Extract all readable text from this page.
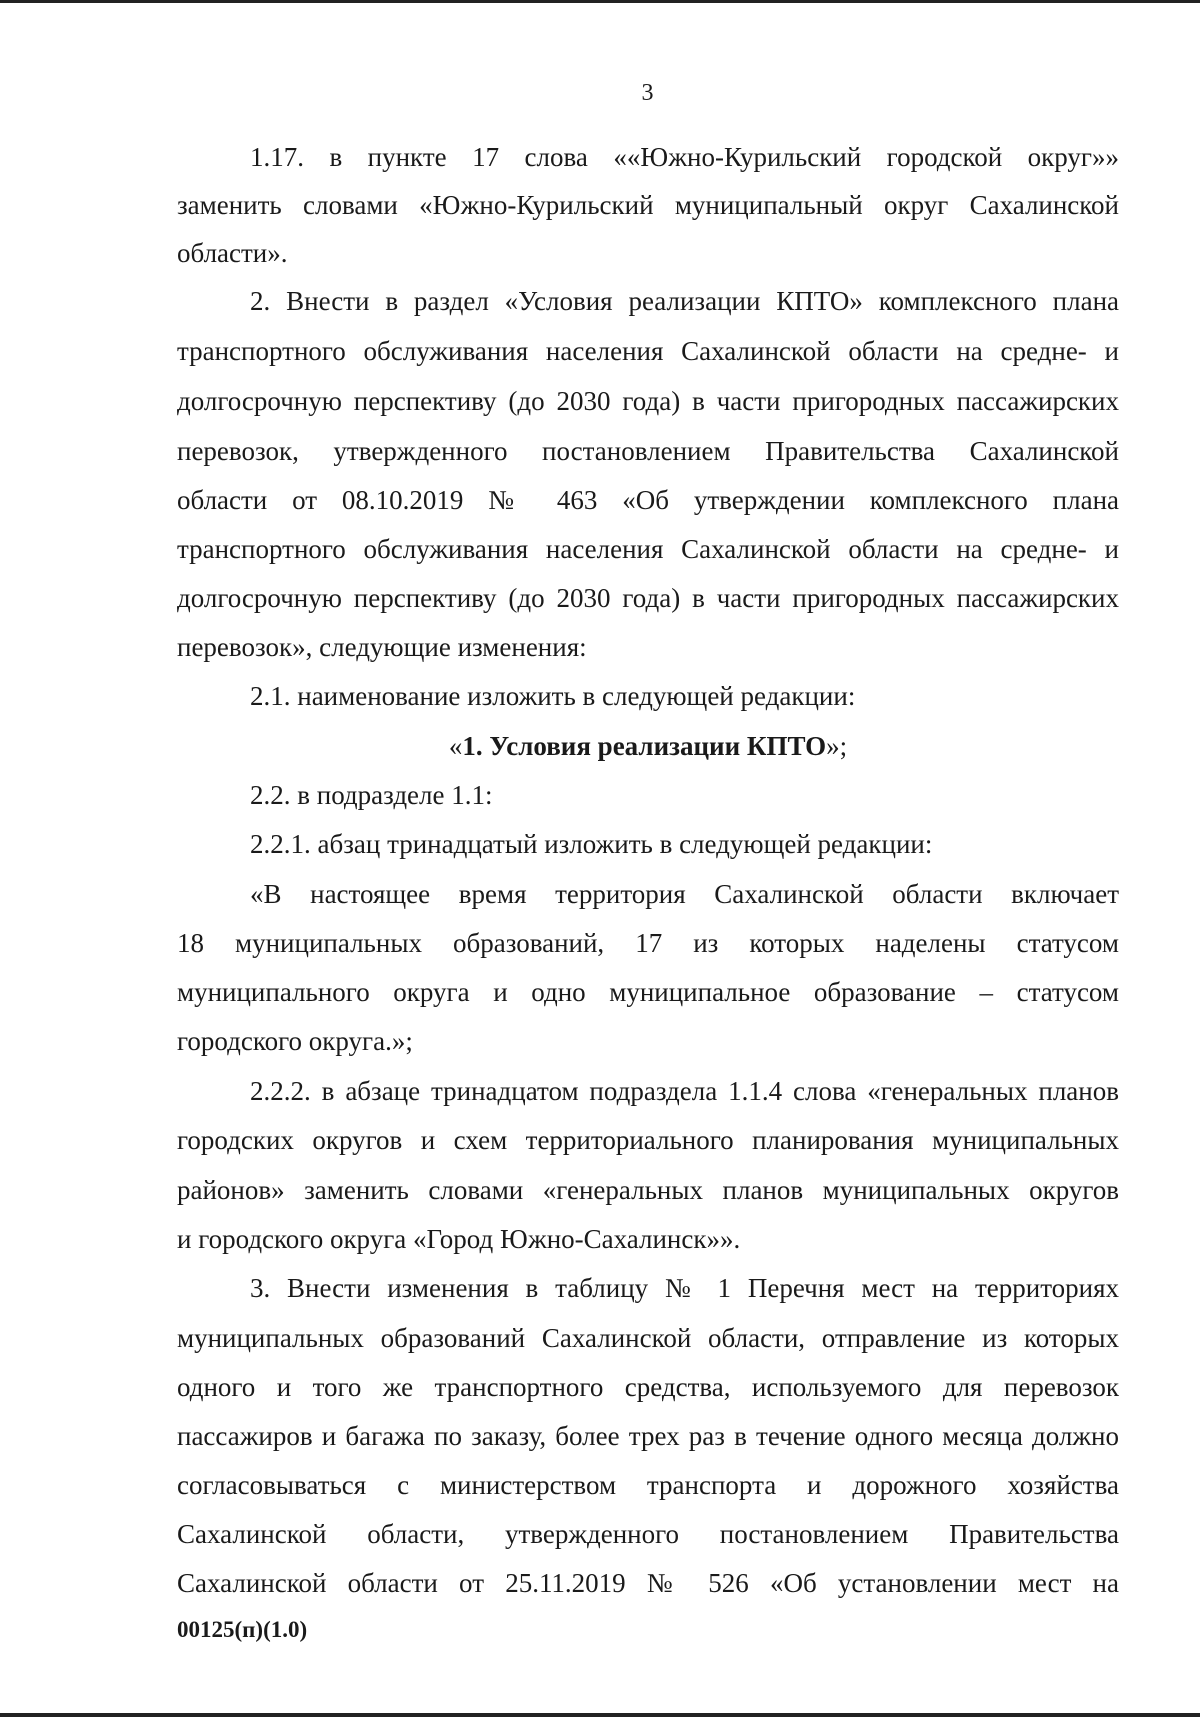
3
1.17. в пункте 17 слова ««Южно-Курильский городской округ»»
заменить словами «Южно-Курильский муниципальный округ Сахалинской
области».
2. Внести в раздел «Условия реализации КПТО» комплексного плана
транспортного обслуживания населения Сахалинской области на средне- и
долгосрочную перспективу (до 2030 года) в части пригородных пассажирских
перевозок, утвержденного постановлением Правительства Сахалинской
области от 08.10.2019 № 463 «Об утверждении комплексного плана
транспортного обслуживания населения Сахалинской области на средне- и
долгосрочную перспективу (до 2030 года) в части пригородных пассажирских
перевозок», следующие изменения:
2.1. наименование изложить в следующей редакции:
«1. Условия реализации КПТО»;
2.2. в подразделе 1.1:
2.2.1. абзац тринадцатый изложить в следующей редакции:
«В настоящее время территория Сахалинской области включает
18 муниципальных образований, 17 из которых наделены статусом
муниципального округа и одно муниципальное образование – статусом
городского округа.»;
2.2.2. в абзаце тринадцатом подраздела 1.1.4 слова «генеральных планов
городских округов и схем территориального планирования муниципальных
районов» заменить словами «генеральных планов муниципальных округов
и городского округа «Город Южно-Сахалинск»».
3. Внести изменения в таблицу № 1 Перечня мест на территориях
муниципальных образований Сахалинской области, отправление из которых
одного и того же транспортного средства, используемого для перевозок
пассажиров и багажа по заказу, более трех раз в течение одного месяца должно
согласовываться с министерством транспорта и дорожного хозяйства
Сахалинской области, утвержденного постановлением Правительства
Сахалинской области от 25.11.2019 № 526 «Об установлении мест на
00125(п)(1.0)
